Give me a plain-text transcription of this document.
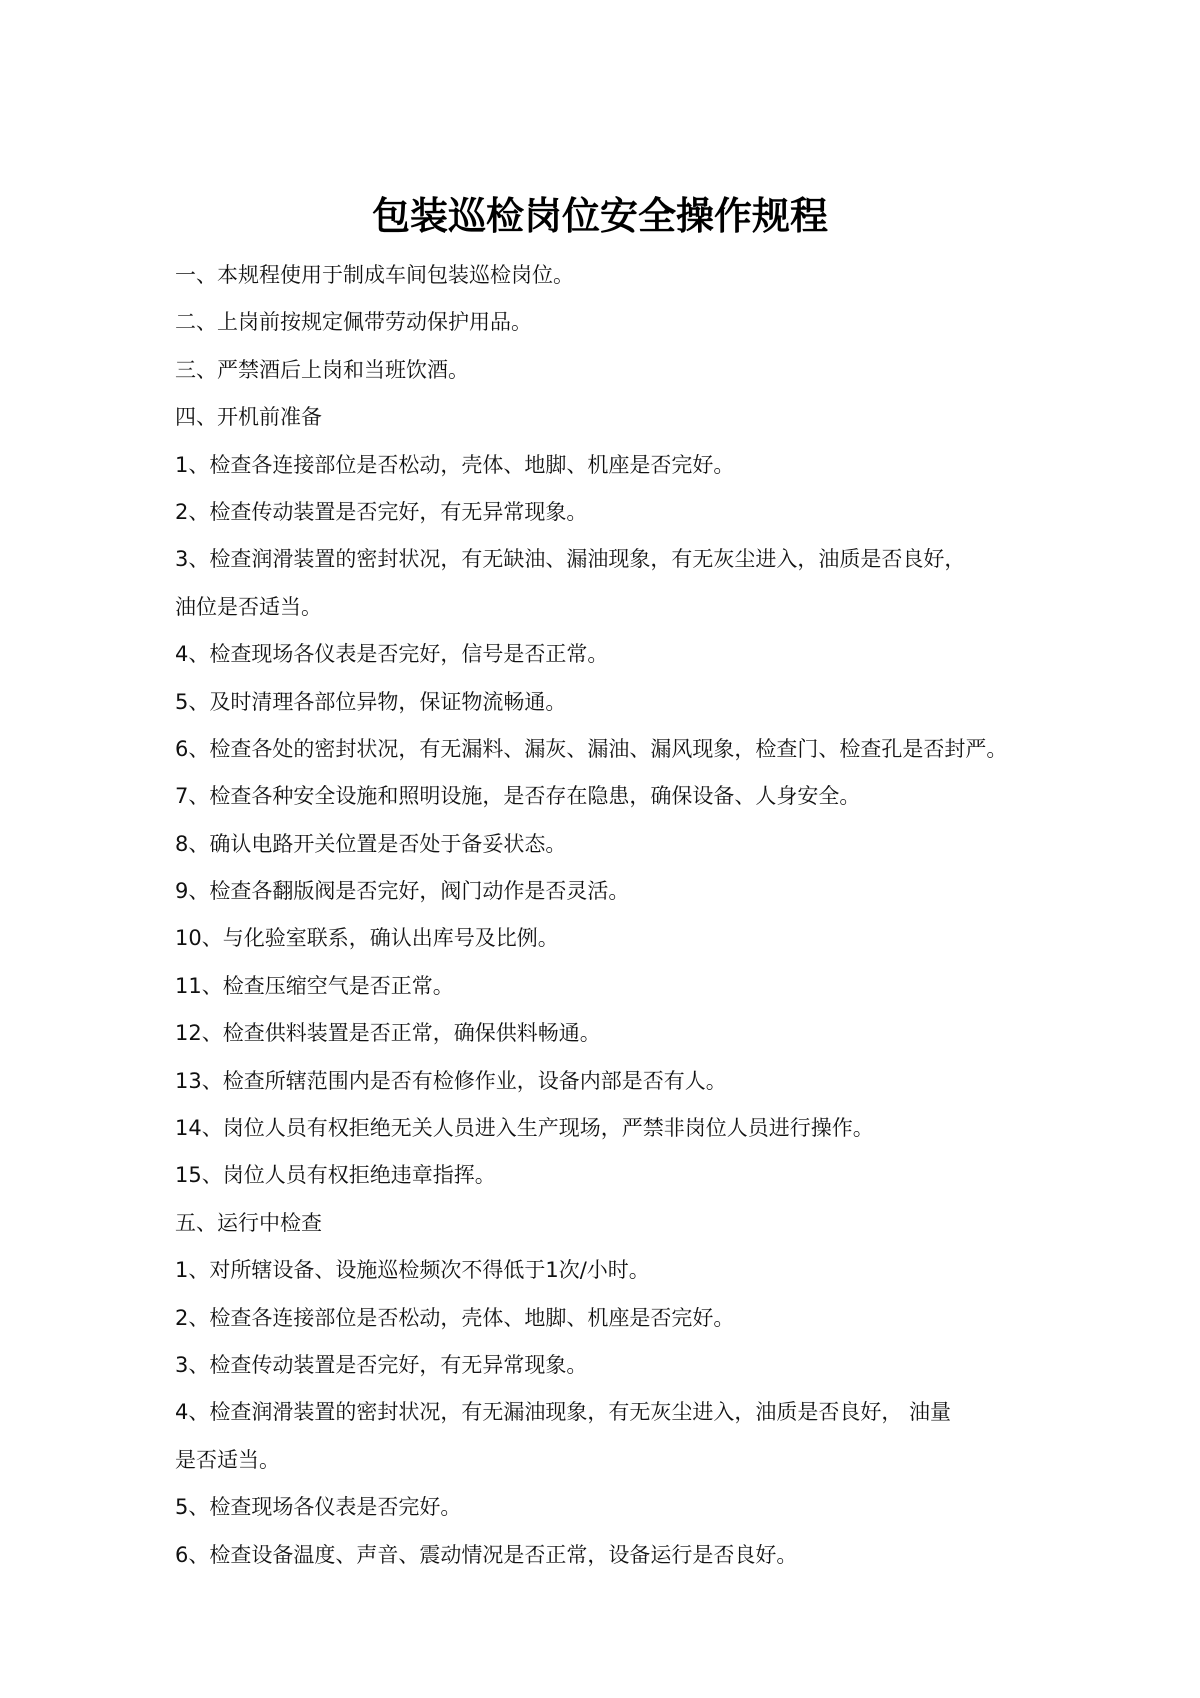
包装巡检岗位安全操作规程
一、本规程使用于制成车间包装巡检岗位。
二、上岗前按规定佩带劳动保护用品。
三、严禁酒后上岗和当班饮酒。
四、开机前准备
1、检查各连接部位是否松动，壳体、地脚、机座是否完好。
2、检查传动装置是否完好，有无异常现象。
3、检查润滑装置的密封状况，有无缺油、漏油现象，有无灰尘进入，油质是否良好，
油位是否适当。
4、检查现场各仪表是否完好，信号是否正常。
5、及时清理各部位异物，保证物流畅通。
6、检查各处的密封状况，有无漏料、漏灰、漏油、漏风现象，检查门、检查孔是否封严。
7、检查各种安全设施和照明设施，是否存在隐患，确保设备、人身安全。
8、确认电路开关位置是否处于备妥状态。
9、检查各翻版阀是否完好，阀门动作是否灵活。
10、与化验室联系，确认出库号及比例。
11、检查压缩空气是否正常。
12、检查供料装置是否正常，确保供料畅通。
13、检查所辖范围内是否有检修作业，设备内部是否有人。
14、岗位人员有权拒绝无关人员进入生产现场，严禁非岗位人员进行操作。
15、岗位人员有权拒绝违章指挥。
五、运行中检查
1、对所辖设备、设施巡检频次不得低于1次/小时。
2、检查各连接部位是否松动，壳体、地脚、机座是否完好。
3、检查传动装置是否完好，有无异常现象。
4、检查润滑装置的密封状况，有无漏油现象，有无灰尘进入，油质是否良好， 油量
是否适当。
5、检查现场各仪表是否完好。
6、检查设备温度、声音、震动情况是否正常，设备运行是否良好。
